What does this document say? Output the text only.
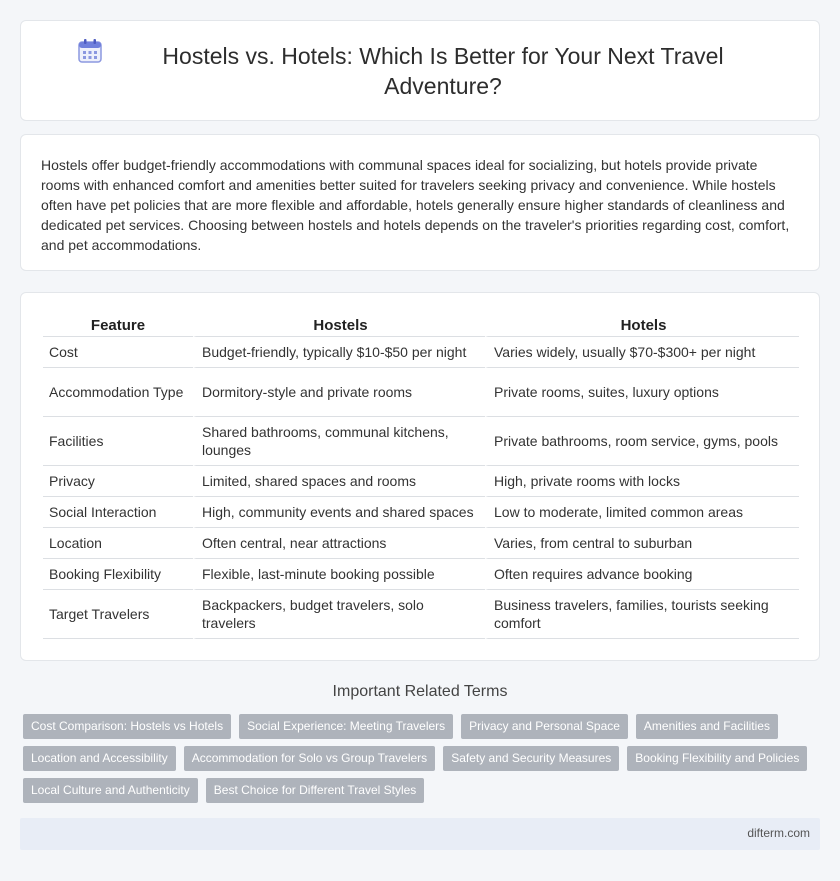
Hostels vs. Hotels: Which Is Better for Your Next Travel Adventure?

Hostels offer budget-friendly accommodations with communal spaces ideal for socializing, but hotels provide private rooms with enhanced comfort and amenities better suited for travelers seeking privacy and convenience. While hostels often have pet policies that are more flexible and affordable, hotels generally ensure higher standards of cleanliness and dedicated pet services. Choosing between hostels and hotels depends on the traveler's priorities regarding cost, comfort, and pet accommodations.

Feature	Hostels	Hotels
Cost	Budget-friendly, typically $10-$50 per night	Varies widely, usually $70-$300+ per night
Accommodation Type	Dormitory-style and private rooms	Private rooms, suites, luxury options
Facilities	Shared bathrooms, communal kitchens, lounges	Private bathrooms, room service, gyms, pools
Privacy	Limited, shared spaces and rooms	High, private rooms with locks
Social Interaction	High, community events and shared spaces	Low to moderate, limited common areas
Location	Often central, near attractions	Varies, from central to suburban
Booking Flexibility	Flexible, last-minute booking possible	Often requires advance booking
Target Travelers	Backpackers, budget travelers, solo travelers	Business travelers, families, tourists seeking comfort
Important Related Terms
Cost Comparison: Hostels vs Hotels	Social Experience: Meeting Travelers	Privacy and Personal Space	Amenities and Facilities
Location and Accessibility	Accommodation for Solo vs Group Travelers	Safety and Security Measures	Booking Flexibility and Policies
Local Culture and Authenticity	Best Choice for Different Travel Styles
difterm.com
